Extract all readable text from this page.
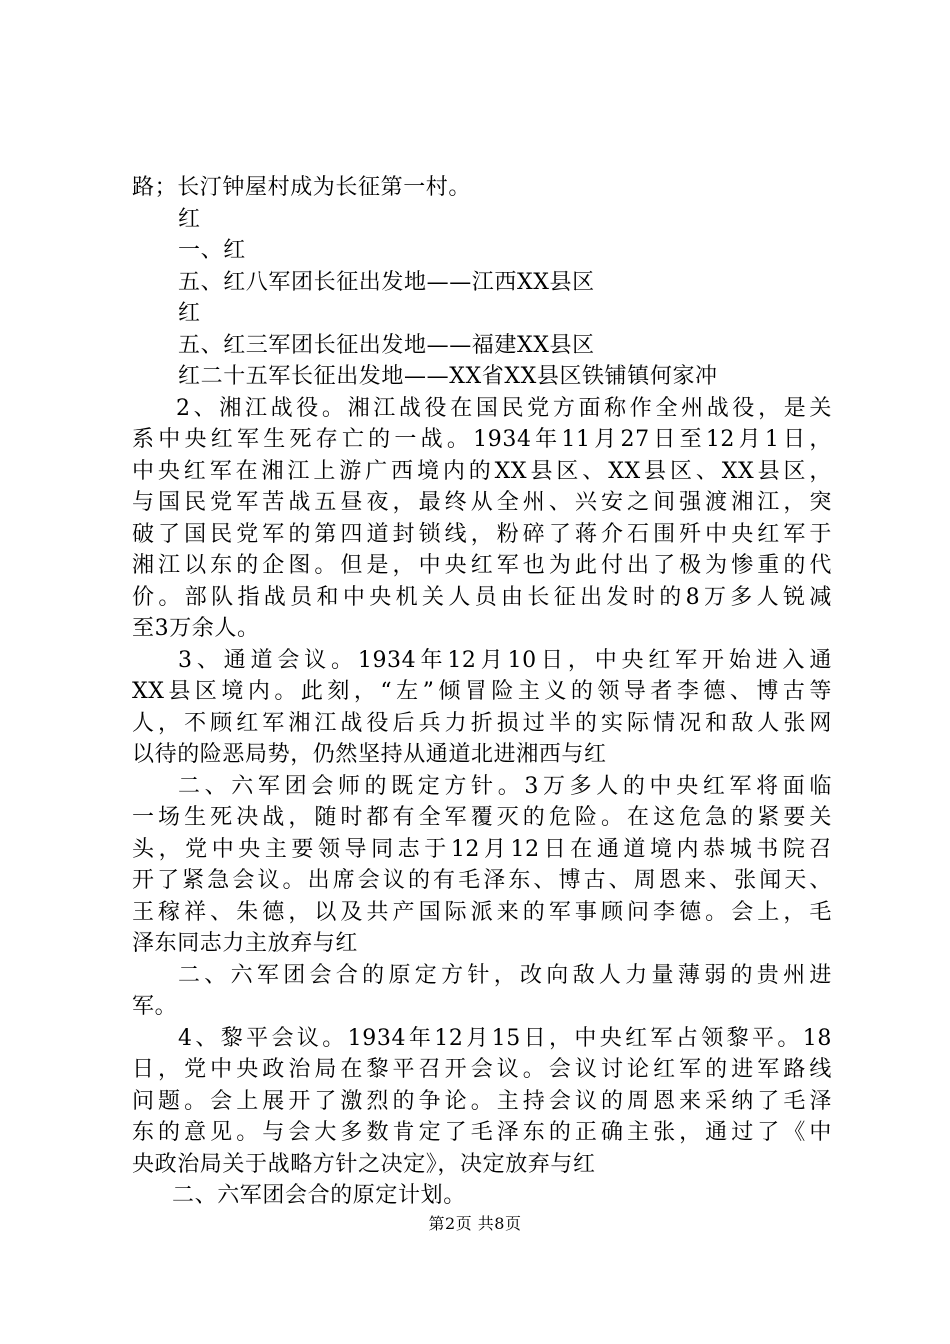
路；长汀钟屋村成为长征第一村。
红
一、红
五、红八军团长征出发地——江西XX县区
红
五、红三军团长征出发地——福建XX县区
红二十五军长征出发地——XX省XX县区铁铺镇何家冲
2、湘江战役。湘江战役在国民党方面称作全州战役，是关
系中央红军生死存亡的一战。1934年11月27日至12月1日，
中央红军在湘江上游广西境内的XX县区、XX县区、XX县区，
与国民党军苦战五昼夜，最终从全州、兴安之间强渡湘江，突
破了国民党军的第四道封锁线，粉碎了蒋介石围歼中央红军于
湘江以东的企图。但是，中央红军也为此付出了极为惨重的代
价。部队指战员和中央机关人员由长征出发时的8万多人锐减
至3万余人。
3、通道会议。1934年12月10日，中央红军开始进入通
XX县区境内。此刻，“左”倾冒险主义的领导者李德、博古等
人，不顾红军湘江战役后兵力折损过半的实际情况和敌人张网
以待的险恶局势，仍然坚持从通道北进湘西与红
二、六军团会师的既定方针。3万多人的中央红军将面临
一场生死决战，随时都有全军覆灭的危险。在这危急的紧要关
头，党中央主要领导同志于12月12日在通道境内恭城书院召
开了紧急会议。出席会议的有毛泽东、博古、周恩来、张闻天、
王稼祥、朱德，以及共产国际派来的军事顾问李德。会上，毛
泽东同志力主放弃与红
二、六军团会合的原定方针，改向敌人力量薄弱的贵州进
军。
4、黎平会议。1934年12月15日，中央红军占领黎平。18
日，党中央政治局在黎平召开会议。会议讨论红军的进军路线
问题。会上展开了激烈的争论。主持会议的周恩来采纳了毛泽
东的意见。与会大多数肯定了毛泽东的正确主张，通过了《中
央政治局关于战略方针之决定》，决定放弃与红
二、六军团会合的原定计划。
第2页 共8页
